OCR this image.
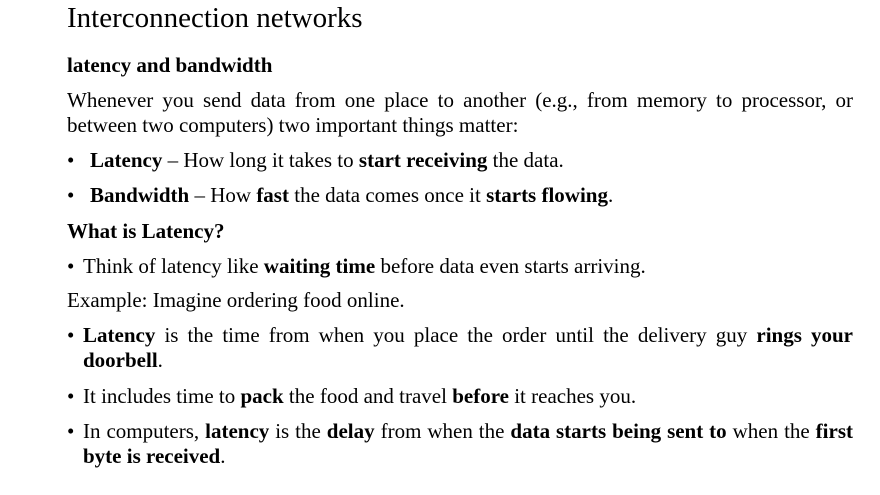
Interconnection networks
latency and bandwidth
Whenever you send data from one place to another (e.g., from memory to processor, or between two computers) two important things matter:
• Latency – How long it takes to start receiving the data.
• Bandwidth – How fast the data comes once it starts flowing.
What is Latency?
• Think of latency like waiting time before data even starts arriving.
Example: Imagine ordering food online.
• Latency is the time from when you place the order until the delivery guy rings your doorbell.
• It includes time to pack the food and travel before it reaches you.
• In computers, latency is the delay from when the data starts being sent to when the first byte is received.
